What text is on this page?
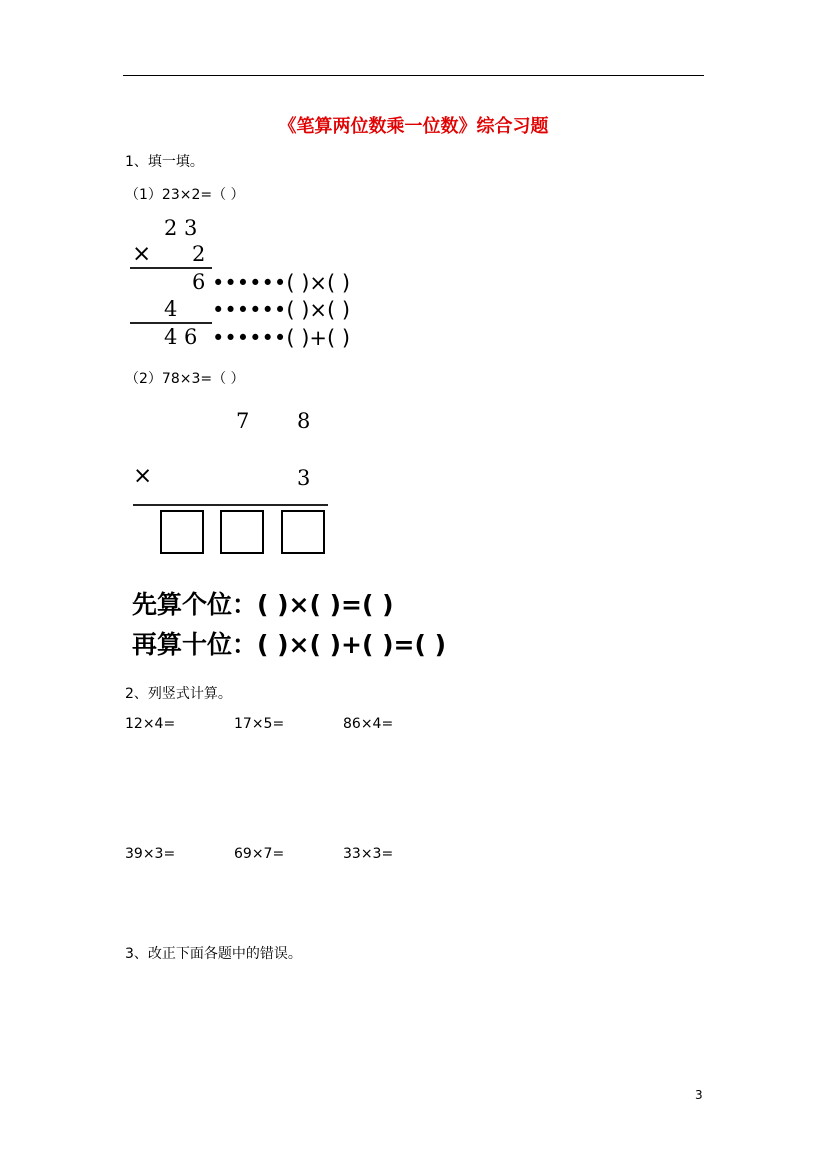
《笔算两位数乘一位数》综合习题
1、填一填。
（1）23×2=（ ）
2 3
× 2
6 ••••••( )×( )
4 ••••••( )×( )
4 6 ••••••( )+( )
（2）78×3=（ ）
7 8
×	3
先算个位：( )×( )=( )
再算十位：( )×( )+( )=( )
2、列竖式计算。
12×4=	17×5=	86×4=
39×3=	69×7=	33×3=
3、改正下面各题中的错误。
3
